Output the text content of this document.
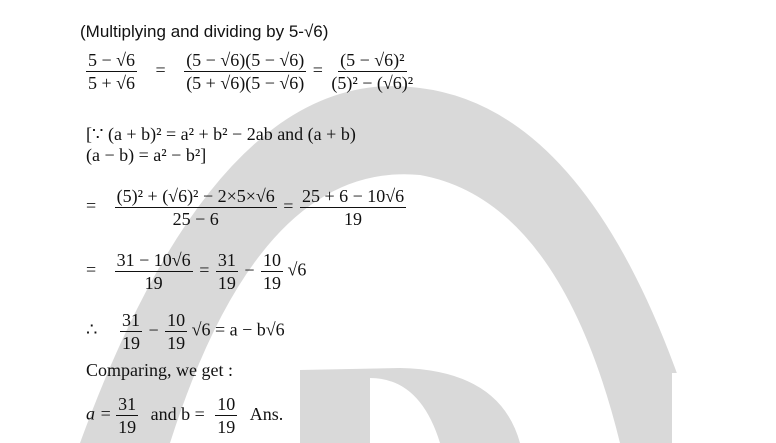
(Multiplying and dividing by 5-√6)
$\frac{5 - √6}{5 + √6} = \frac{(5 - √6)(5 - √6)}{(5 + √6)(5 - √6)} = \frac{\text{(5 − √6)²}}{\text{(5)² − (√6)²}}$
[∵ (a + b)² = a² + b² − 2ab and (a + b)
(a − b) = a² − b²]
= $\frac{\text{(5)² + (√6)² − 2×5×√6}}{25 - 6} = \frac{25 + 6 - 10√6}{19}$
= $\frac{31 - 10√6}{19} = \frac{31}{19} - \frac{10}{19} √6$
∴ $\frac{31}{19} - \frac{10}{19} √6 = a - b√6$
Comparing, we get :
$a = \frac{31}{19}$ and $b = \frac{10}{19}$ Ans.
